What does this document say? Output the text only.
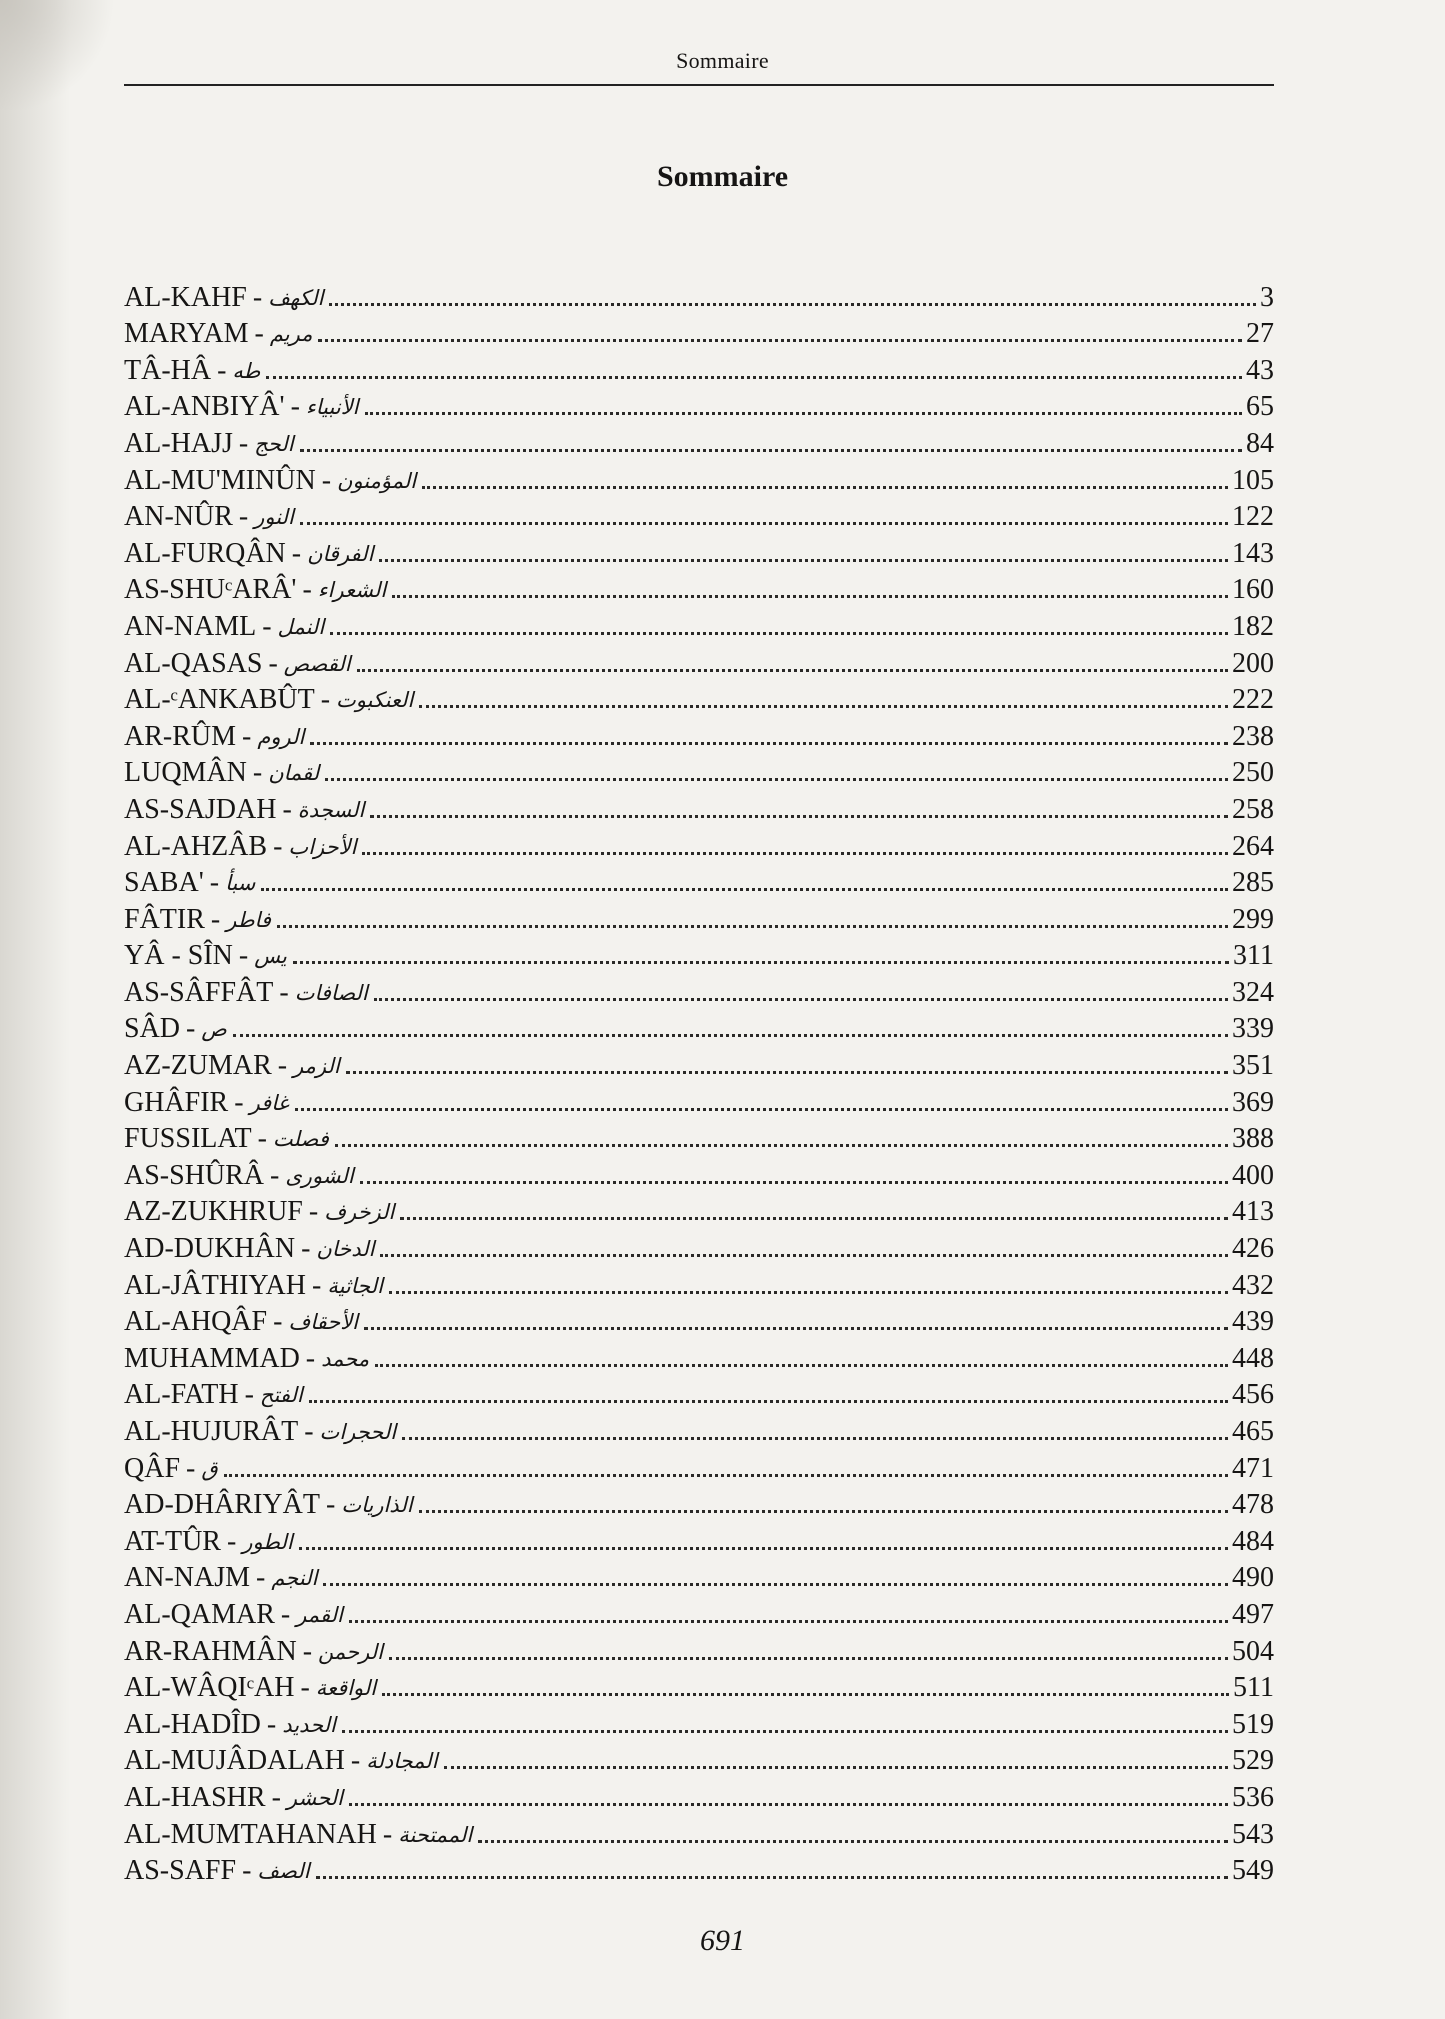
Sommaire
Sommaire
AL-KAHF - الكهف	3
MARYAM - مريم	27
TÂ-HÂ - طه	43
AL-ANBIYÂ' - الأنبياء	65
AL-HAJJ - الحج	84
AL-MU'MINÛN - المؤمنون	105
AN-NÛR - النور	122
AL-FURQÂN - الفرقان	143
AS-SHUᶜARÂ' - الشعراء	160
AN-NAML - النمل	182
AL-QASAS - القصص	200
AL-ᶜANKABÛT - العنكبوت	222
AR-RÛM - الروم	238
LUQMÂN - لقمان	250
AS-SAJDAH - السجدة	258
AL-AHZÂB - الأحزاب	264
SABA' - سبأ	285
FÂTIR - فاطر	299
YÂ - SÎN - يس	311
AS-SÂFFÂT - الصافات	324
SÂD - ص	339
AZ-ZUMAR - الزمر	351
GHÂFIR - غافر	369
FUSSILAT - فصلت	388
AS-SHÛRÂ - الشورى	400
AZ-ZUKHRUF - الزخرف	413
AD-DUKHÂN - الدخان	426
AL-JÂTHIYAH - الجاثية	432
AL-AHQÂF - الأحقاف	439
MUHAMMAD - محمد	448
AL-FATH - الفتح	456
AL-HUJURÂT - الحجرات	465
QÂF - ق	471
AD-DHÂRIYÂT - الذاريات	478
AT-TÛR - الطور	484
AN-NAJM - النجم	490
AL-QAMAR - القمر	497
AR-RAHMÂN - الرحمن	504
AL-WÂQIᶜAH - الواقعة	511
AL-HADÎD - الحديد	519
AL-MUJÂDALAH - المجادلة	529
AL-HASHR - الحشر	536
AL-MUMTAHANAH - الممتحنة	543
AS-SAFF - الصف	549
691
